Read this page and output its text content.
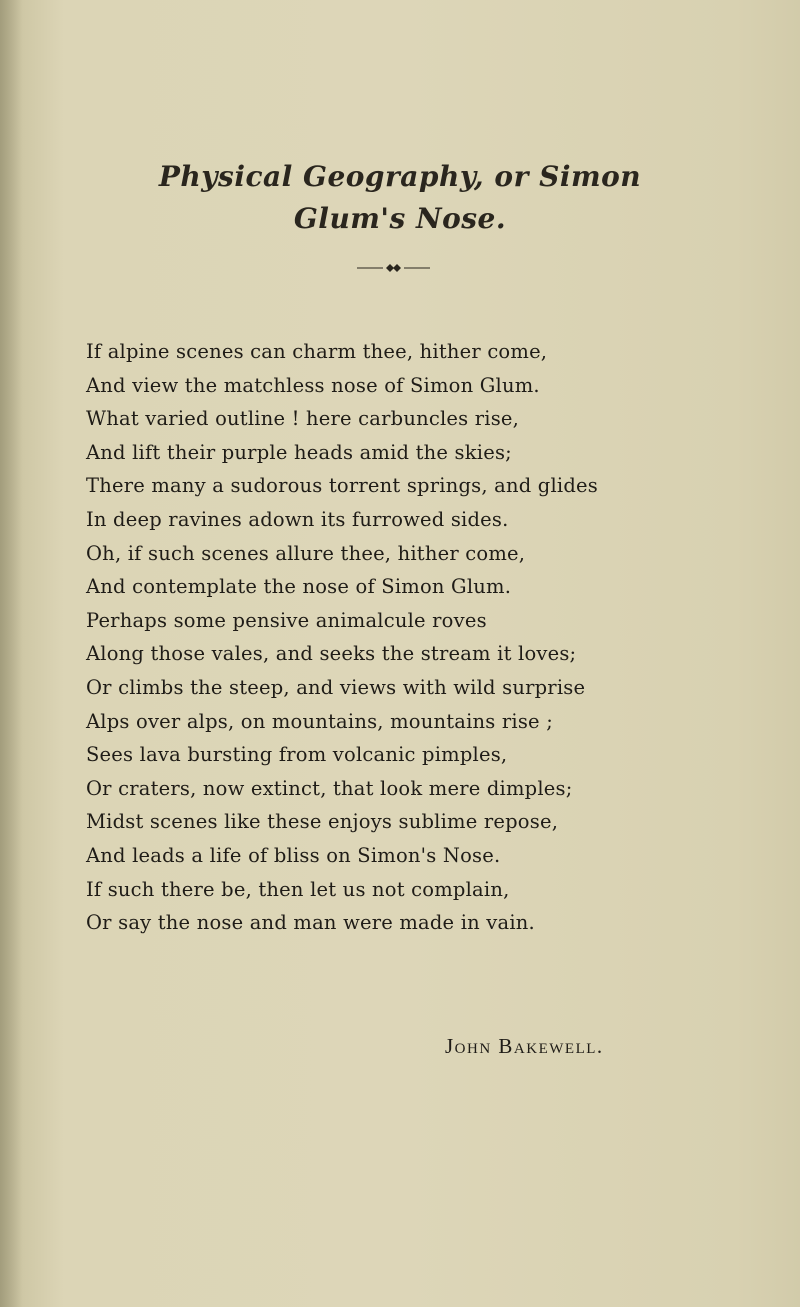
Physical Geography, or Simon
Glum's Nose.
If alpine scenes can charm thee, hither come,
And view the matchless nose of Simon Glum.
What varied outline ! here carbuncles rise,
And lift their purple heads amid the skies;
There many a sudorous torrent springs, and glides
In deep ravines adown its furrowed sides.
Oh, if such scenes allure thee, hither come,
And contemplate the nose of Simon Glum.
Perhaps some pensive animalcule roves
Along those vales, and seeks the stream it loves;
Or climbs the steep, and views with wild surprise
Alps over alps, on mountains, mountains rise ;
Sees lava bursting from volcanic pimples,
Or craters, now extinct, that look mere dimples;
Midst scenes like these enjoys sublime repose,
And leads a life of bliss on Simon's Nose.
If such there be, then let us not complain,
Or say the nose and man were made in vain.
John Bakewell.
